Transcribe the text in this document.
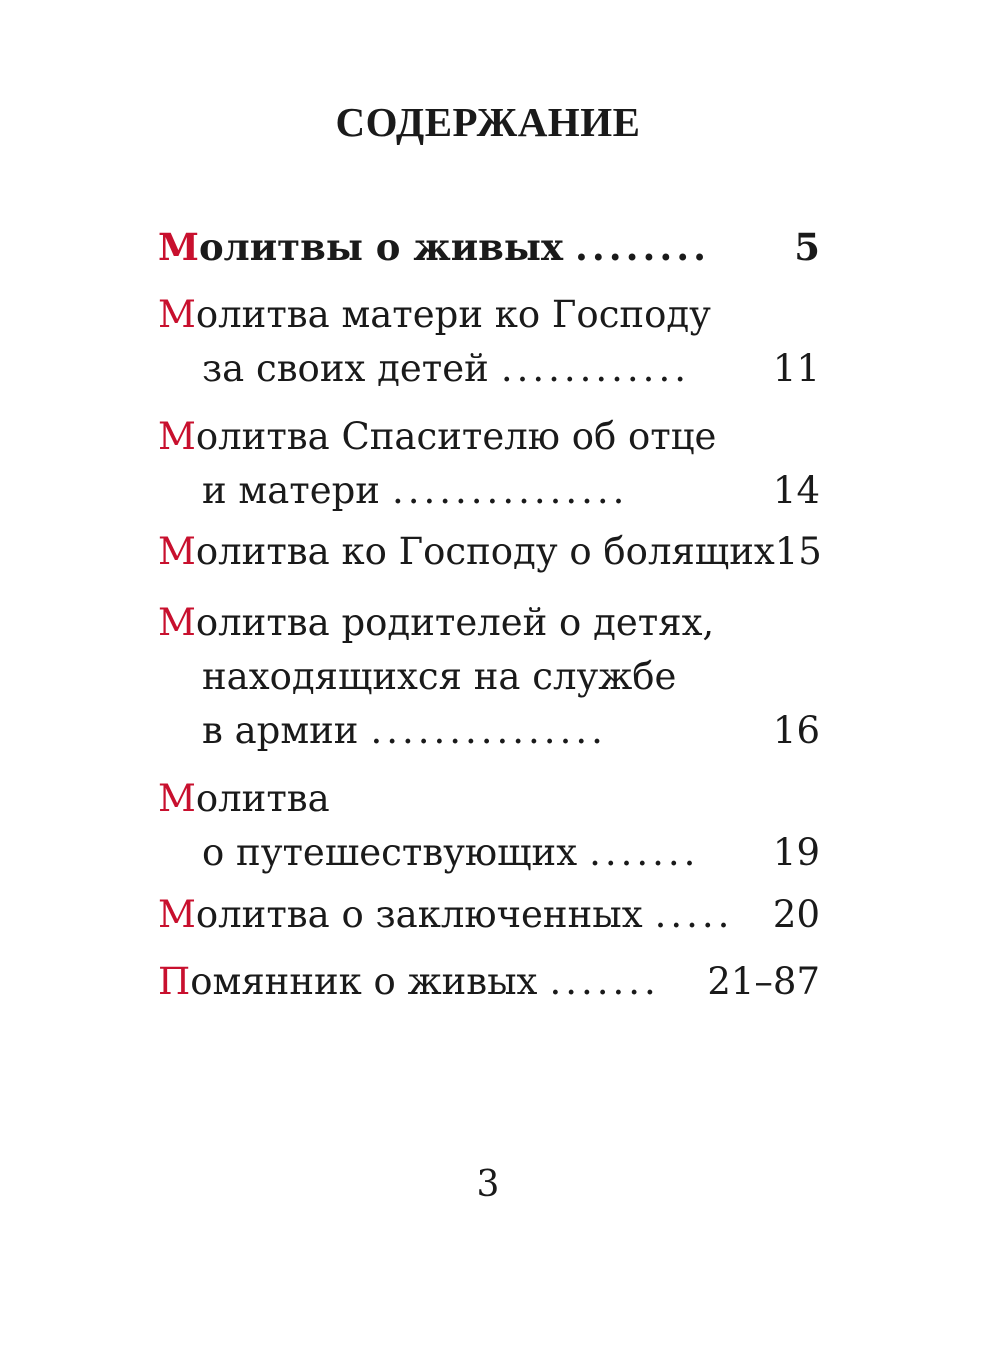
СОДЕРЖАНИЕ
Молитвы о живых ........	5
Молитва матери ко Господу
за своих детей ............	11
Молитва Спасителю об отце
и матери ...............	14
Молитва ко Господу о болящих 15
Молитва родителей о детях,
находящихся на службе
в армии ...............	16
Молитва
о путешествующих .......	19
Молитва о заключенных .....	20
Помянник о живых .......	21–87
3
